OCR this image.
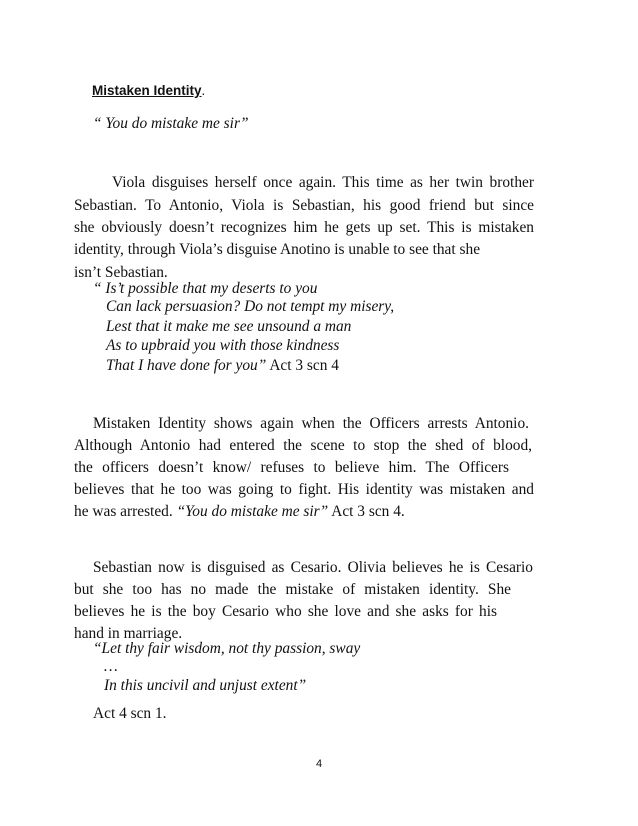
Mistaken Identity.
“ You do mistake me sir”
Viola disguises herself once again. This time as her twin brother
Sebastian. To Antonio, Viola is Sebastian, his good friend but since
she obviously doesn’t recognizes him he gets up set. This is mistaken
identity, through Viola’s disguise Anotino is unable to see that she
isn’t Sebastian.
“ Is’t possible that my deserts to you
Can lack persuasion? Do not tempt my misery,
Lest that it make me see unsound a man
As to upbraid you with those kindness
That I have done for you” Act 3 scn 4
Mistaken Identity shows again when the Officers arrests Antonio.
Although Antonio had entered the scene to stop the shed of blood,
the officers doesn’t know/ refuses to believe him. The Officers
believes that he too was going to fight. His identity was mistaken and
he was arrested. “You do mistake me sir” Act 3 scn 4.
Sebastian now is disguised as Cesario. Olivia believes he is Cesario
but she too has no made the mistake of mistaken identity. She
believes he is the boy Cesario who she love and she asks for his
hand in marriage.
“Let thy fair wisdom, not thy passion, sway
…
In this uncivil and unjust extent”
Act 4 scn 1.
4
